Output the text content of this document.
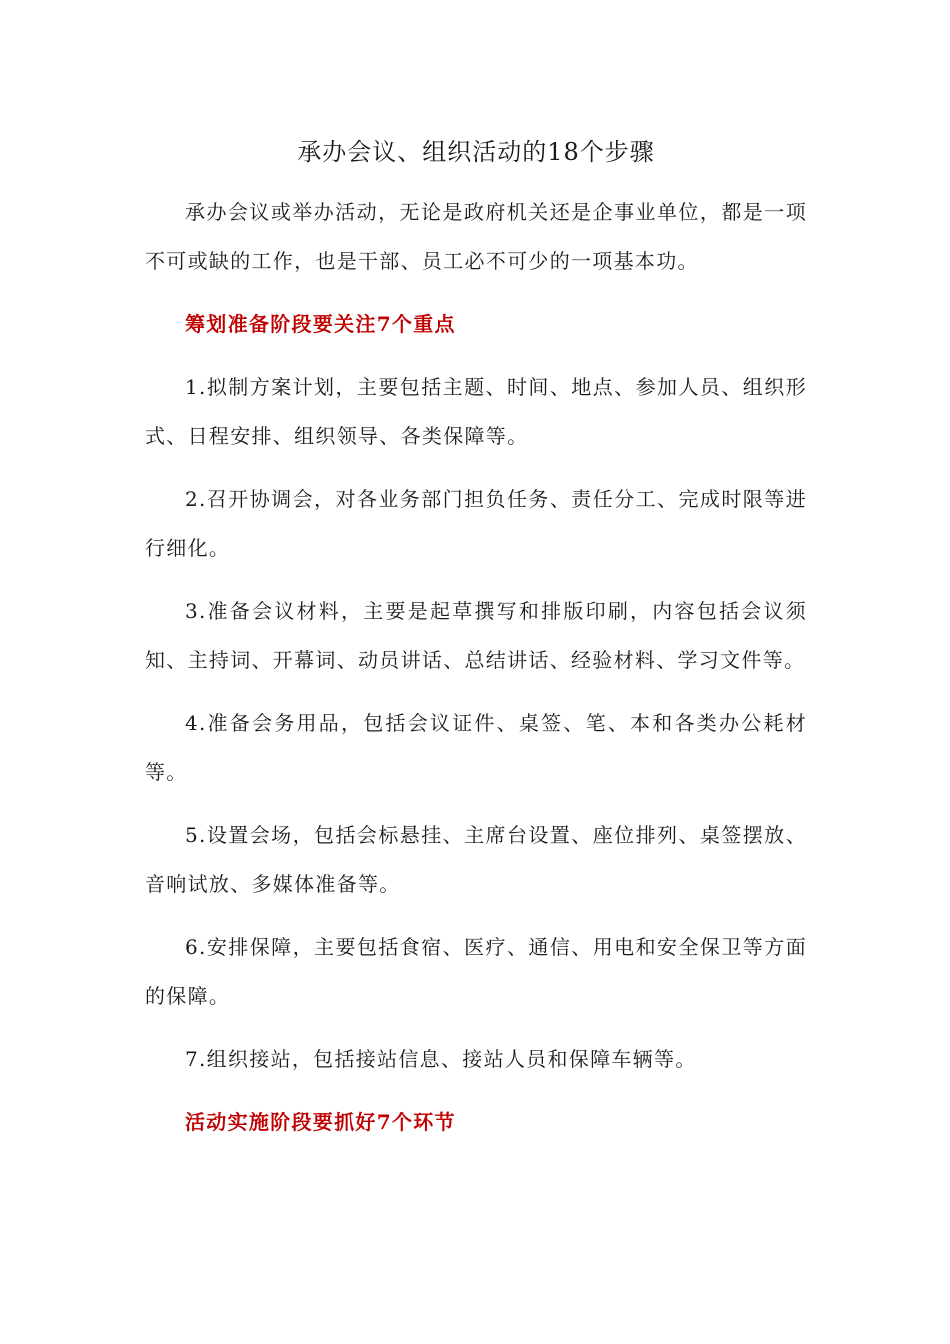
承办会议、组织活动的18个步骤

承办会议或举办活动，无论是政府机关还是企事业单位，都是一项不可或缺的工作，也是干部、员工必不可少的一项基本功。

筹划准备阶段要关注7个重点

1.拟制方案计划，主要包括主题、时间、地点、参加人员、组织形式、日程安排、组织领导、各类保障等。

2.召开协调会，对各业务部门担负任务、责任分工、完成时限等进行细化。

3.准备会议材料，主要是起草撰写和排版印刷，内容包括会议须知、主持词、开幕词、动员讲话、总结讲话、经验材料、学习文件等。

4.准备会务用品，包括会议证件、桌签、笔、本和各类办公耗材等。

5.设置会场，包括会标悬挂、主席台设置、座位排列、桌签摆放、音响试放、多媒体准备等。

6.安排保障，主要包括食宿、医疗、通信、用电和安全保卫等方面的保障。

7.组织接站，包括接站信息、接站人员和保障车辆等。

活动实施阶段要抓好7个环节
